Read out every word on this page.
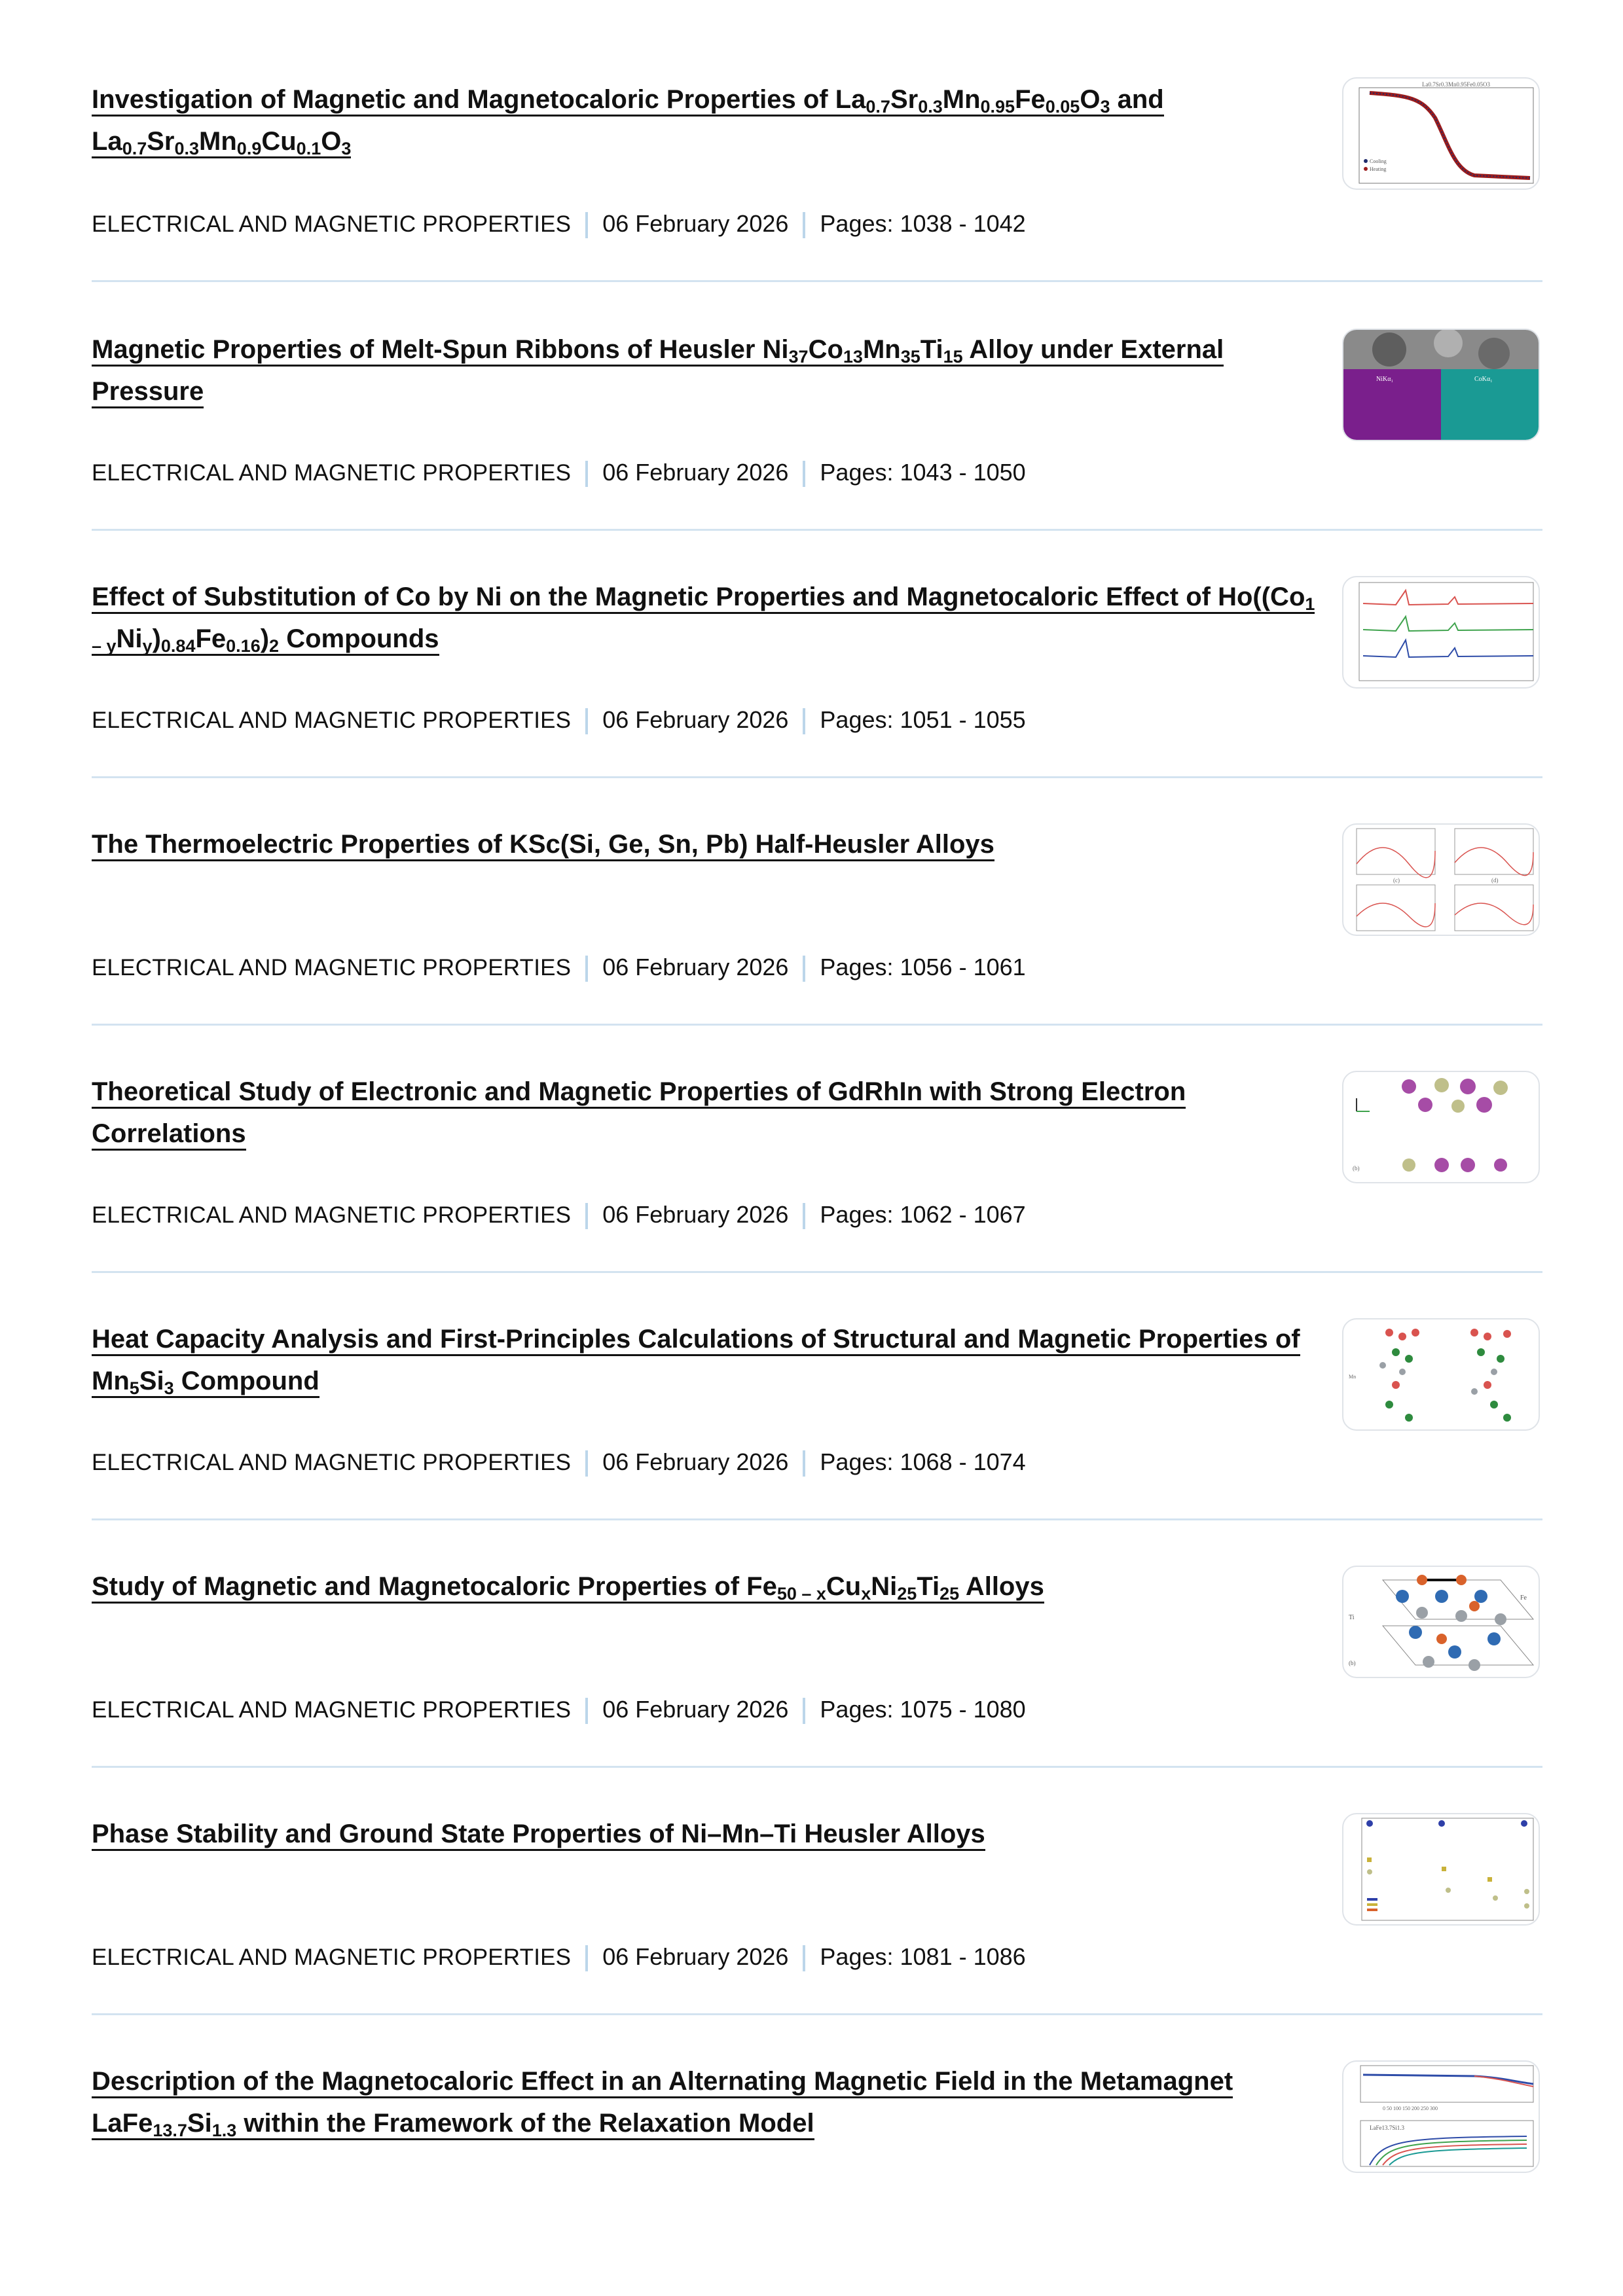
Investigation of Magnetic and Magnetocaloric Properties of $La_{0.7}Sr_{0.3}Mn_{0.95}Fe_{0.05}O_3$ and $La_{0.7}Sr_{0.3}Mn_{0.9}Cu_{0.1}O_3$
ELECTRICAL AND MAGNETIC PROPERTIES 06 February 2026 Pages: 1038 - 1042
La0.7Sr0.3Mn0.95Fe0.05O3
Cooling
Heating
Magnetic Properties of Melt-Spun Ribbons of Heusler $Ni_{37}Co_{13}Mn_{35}Ti_{15}$ Alloy under External Pressure
ELECTRICAL AND MAGNETIC PROPERTIES 06 February 2026 Pages: 1043 - 1050
NiKα₁	CoKα₁
Effect of Substitution of Co by Ni on the Magnetic Properties and Magnetocaloric Effect of $Ho((Co_{1 - y}Ni_y)_{0.84}Fe_{0.16})_2$ Compounds
ELECTRICAL AND MAGNETIC PROPERTIES 06 February 2026 Pages: 1051 - 1055
The Thermoelectric Properties of KSc(Si, Ge, Sn, Pb) Half-Heusler Alloys
ELECTRICAL AND MAGNETIC PROPERTIES 06 February 2026 Pages: 1056 - 1061
(c)	(d)
Theoretical Study of Electronic and Magnetic Properties of GdRhIn with Strong Electron Correlations
ELECTRICAL AND MAGNETIC PROPERTIES 06 February 2026 Pages: 1062 - 1067
(b)
Heat Capacity Analysis and First-Principles Calculations of Structural and Magnetic Properties of $Mn_5Si_3$ Compound
ELECTRICAL AND MAGNETIC PROPERTIES 06 February 2026 Pages: 1068 - 1074
Mn
Study of Magnetic and Magnetocaloric Properties of $Fe_{50 - x}Cu_xNi_{25}Ti_{25}$ Alloys
ELECTRICAL AND MAGNETIC PROPERTIES 06 February 2026 Pages: 1075 - 1080
Ti
Fe
(b)
Phase Stability and Ground State Properties of Ni–Mn–Ti Heusler Alloys
ELECTRICAL AND MAGNETIC PROPERTIES 06 February 2026 Pages: 1081 - 1086
Description of the Magnetocaloric Effect in an Alternating Magnetic Field in the Metamagnet $LaFe_{13.7}Si_{1.3}$ within the Framework of the Relaxation Model
0 50 100 150 200 250 300
LaFe13.7Si1.3
